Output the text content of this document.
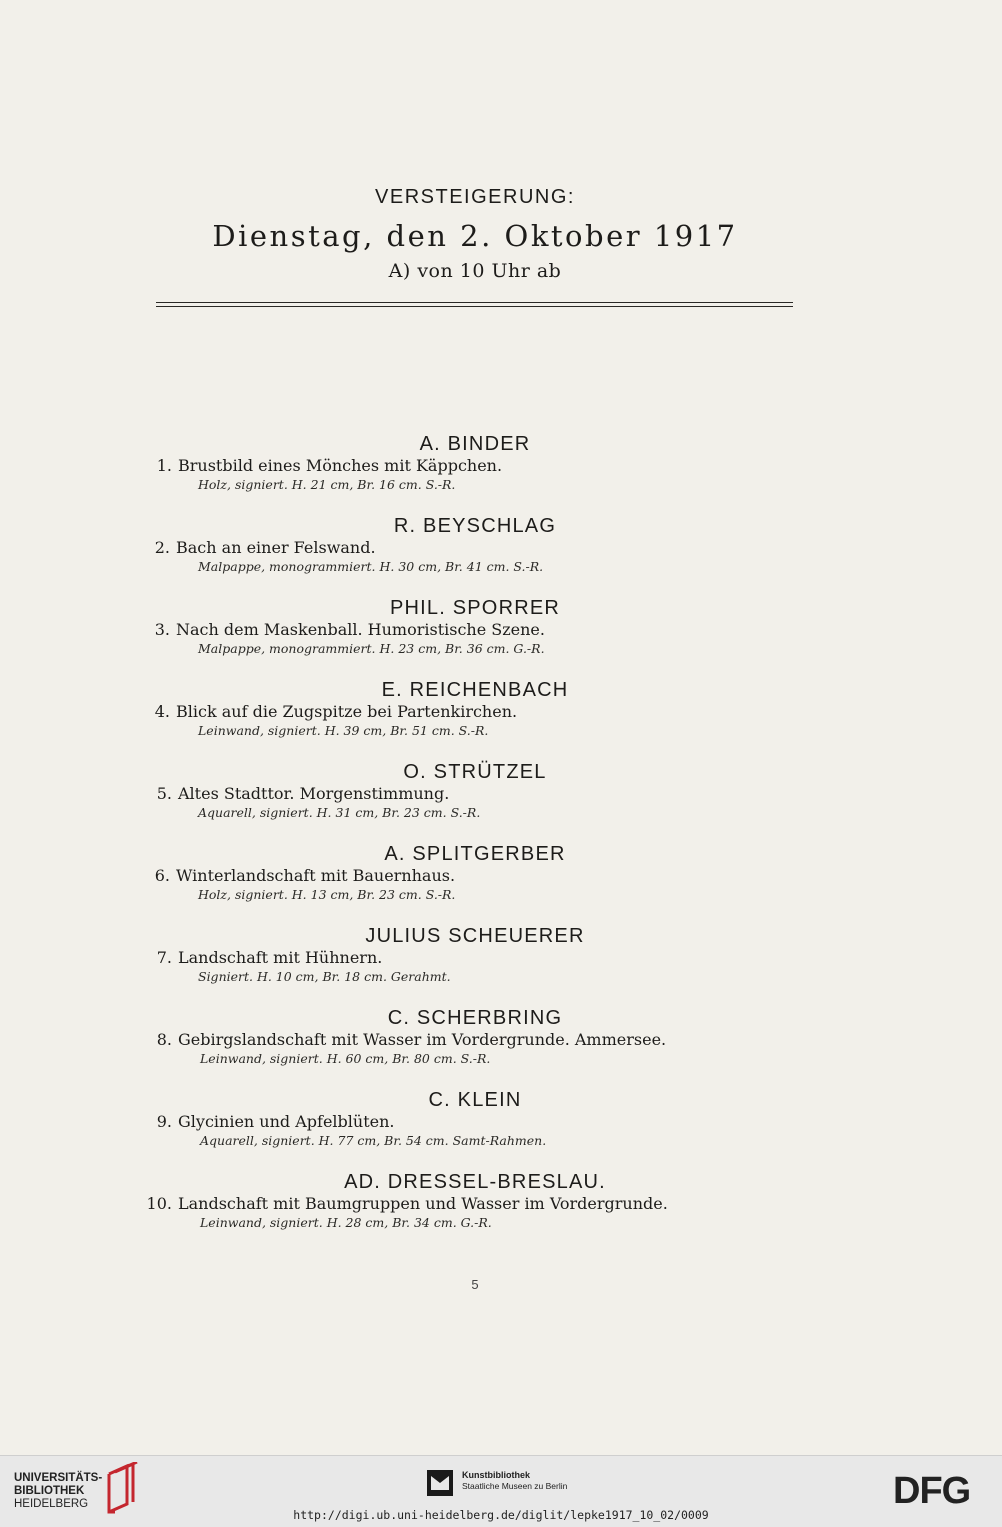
VERSTEIGERUNG:
Dienstag, den 2. Oktober 1917
A) von 10 Uhr ab
A. BINDER
1. Brustbild eines Mönches mit Käppchen.
Holz, signiert. H. 21 cm, Br. 16 cm. S.-R.
R. BEYSCHLAG
2. Bach an einer Felswand.
Malpappe, monogrammiert. H. 30 cm, Br. 41 cm. S.-R.
PHIL. SPORRER
3. Nach dem Maskenball. Humoristische Szene.
Malpappe, monogrammiert. H. 23 cm, Br. 36 cm. G.-R.
E. REICHENBACH
4. Blick auf die Zugspitze bei Partenkirchen.
Leinwand, signiert. H. 39 cm, Br. 51 cm. S.-R.
O. STRÜTZEL
5. Altes Stadttor. Morgenstimmung.
Aquarell, signiert. H. 31 cm, Br. 23 cm. S.-R.
A. SPLITGERBER
6. Winterlandschaft mit Bauernhaus.
Holz, signiert. H. 13 cm, Br. 23 cm. S.-R.
JULIUS SCHEUERER
7. Landschaft mit Hühnern.
Signiert. H. 10 cm, Br. 18 cm. Gerahmt.
C. SCHERBRING
8. Gebirgslandschaft mit Wasser im Vordergrunde. Ammersee.
Leinwand, signiert. H. 60 cm, Br. 80 cm. S.-R.
C. KLEIN
9. Glycinien und Apfelblüten.
Aquarell, signiert. H. 77 cm, Br. 54 cm. Samt-Rahmen.
AD. DRESSEL-BRESLAU.
10. Landschaft mit Baumgruppen und Wasser im Vordergrunde.
Leinwand, signiert. H. 28 cm, Br. 34 cm. G.-R.
5
UNIVERSITÄTS-
BIBLIOTHEK
HEIDELBERG
Kunstbibliothek
Staatliche Museen zu Berlin	DFG
http://digi.ub.uni-heidelberg.de/diglit/lepke1917_10_02/0009
